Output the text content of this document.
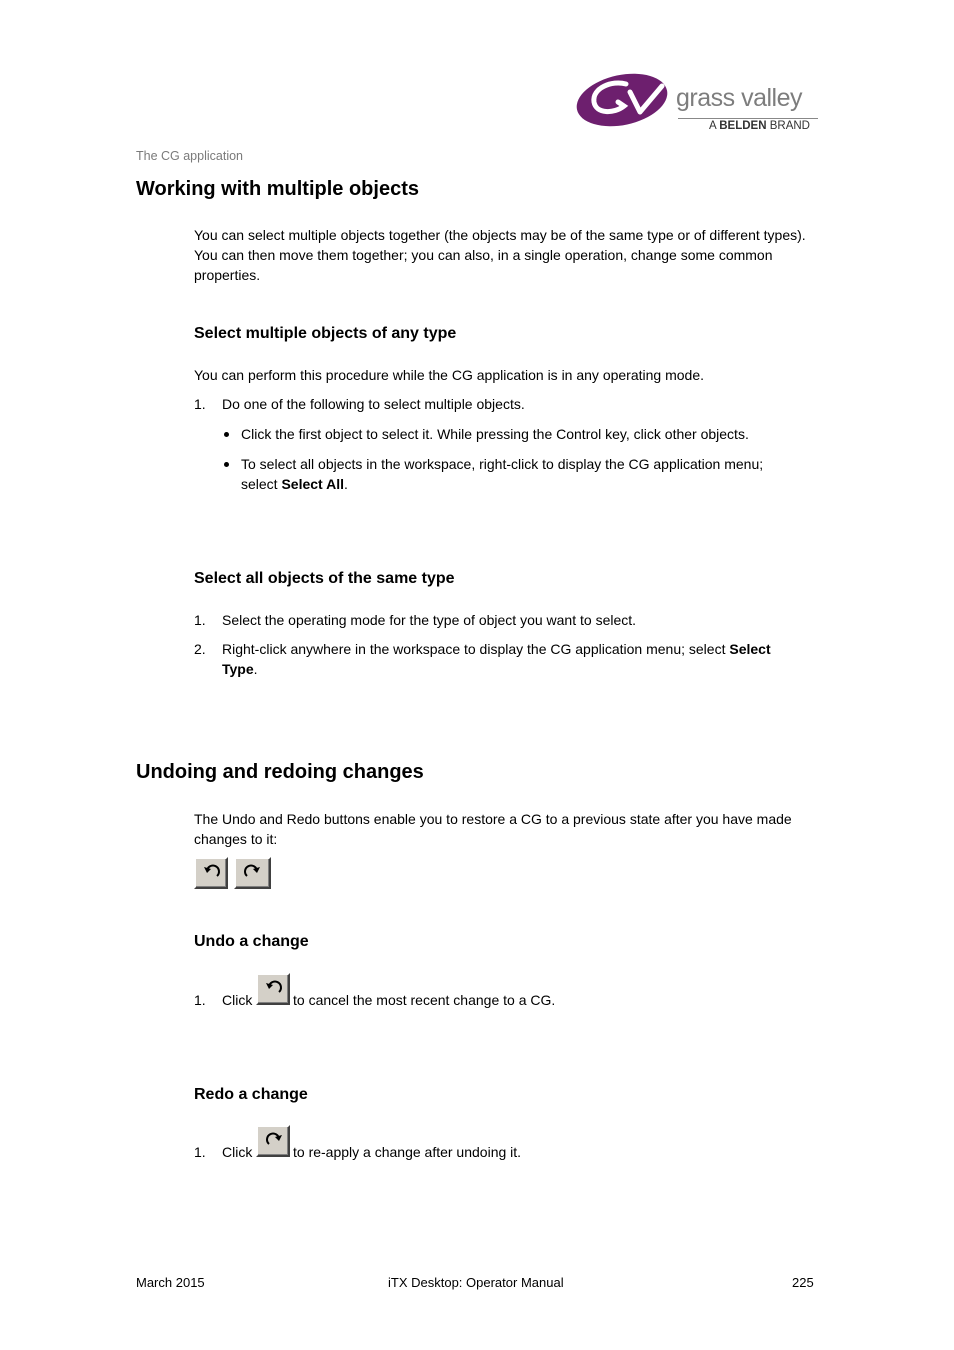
grass valley
A BELDEN BRAND
The CG application
Working with multiple objects
You can select multiple objects together (the objects may be of the same type or of different types). You can then move them together; you can also, in a single operation, change some common properties.
Select multiple objects of any type
You can perform this procedure while the CG application is in any operating mode.
1. Do one of the following to select multiple objects.
Click the first object to select it. While pressing the Control key, click other objects.
To select all objects in the workspace, right-click to display the CG application menu; select Select All.
Select all objects of the same type
1. Select the operating mode for the type of object you want to select.
2. Right-click anywhere in the workspace to display the CG application menu; select Select Type.
Undoing and redoing changes
The Undo and Redo buttons enable you to restore a CG to a previous state after you have made changes to it:
Undo a change
1. Click	to cancel the most recent change to a CG.
Redo a change
1. Click	to re-apply a change after undoing it.
March 2015	iTX Desktop: Operator Manual	225
